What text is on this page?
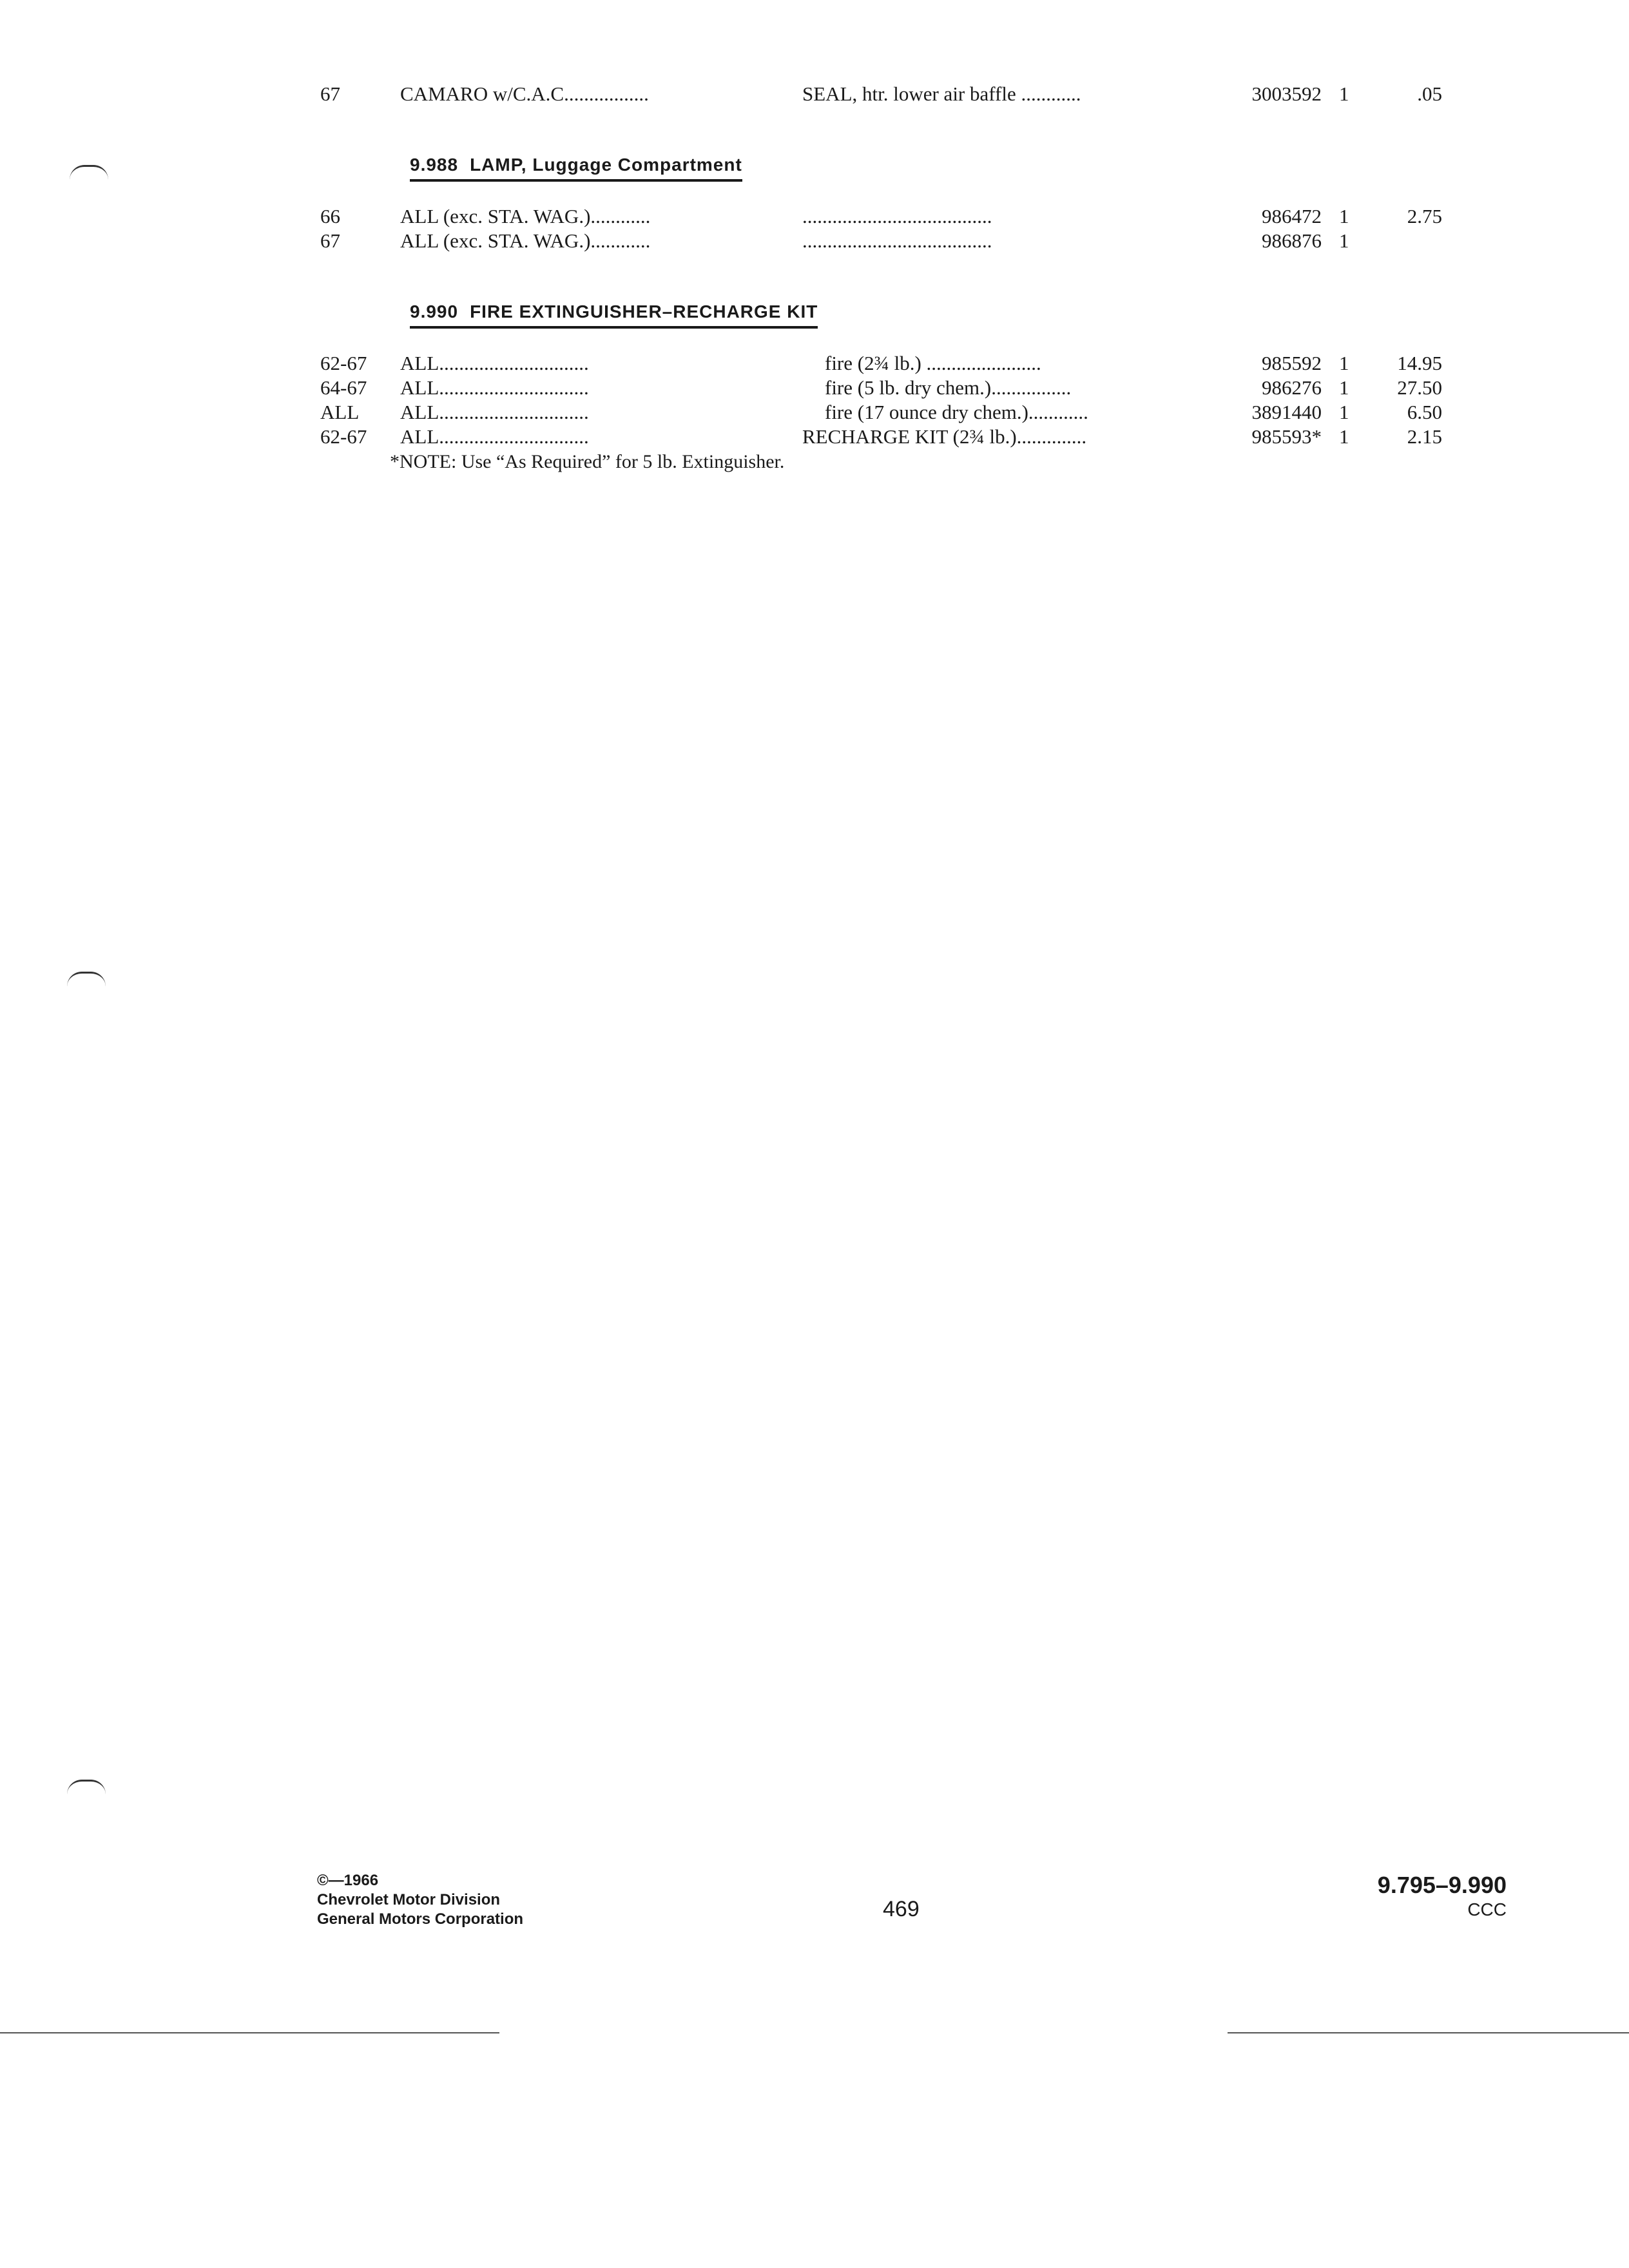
67	CAMARO w/C.A.C.................	SEAL, htr. lower air baffle ............	3003592 1	.05
9.988 LAMP, Luggage Compartment
66	ALL (exc. STA. WAG.)............	......................................	986472 1	2.75
67	ALL (exc. STA. WAG.)............	......................................	986876 1
9.990 FIRE EXTINGUISHER–RECHARGE KIT
62-67 ALL..............................	fire (2¾ lb.) .......................	985592 1 14.95
64-67 ALL..............................	fire (5 lb. dry chem.)................	986276 1 27.50
ALL ALL..............................	fire (17 ounce dry chem.)............	3891440 1	6.50
62-67 ALL..............................	RECHARGE KIT (2¾ lb.)..............	985593* 1	2.15
*NOTE: Use “As Required” for 5 lb. Extinguisher.
©—1966
Chevrolet Motor Division
General Motors Corporation	469
9.795–9.990
CCC
